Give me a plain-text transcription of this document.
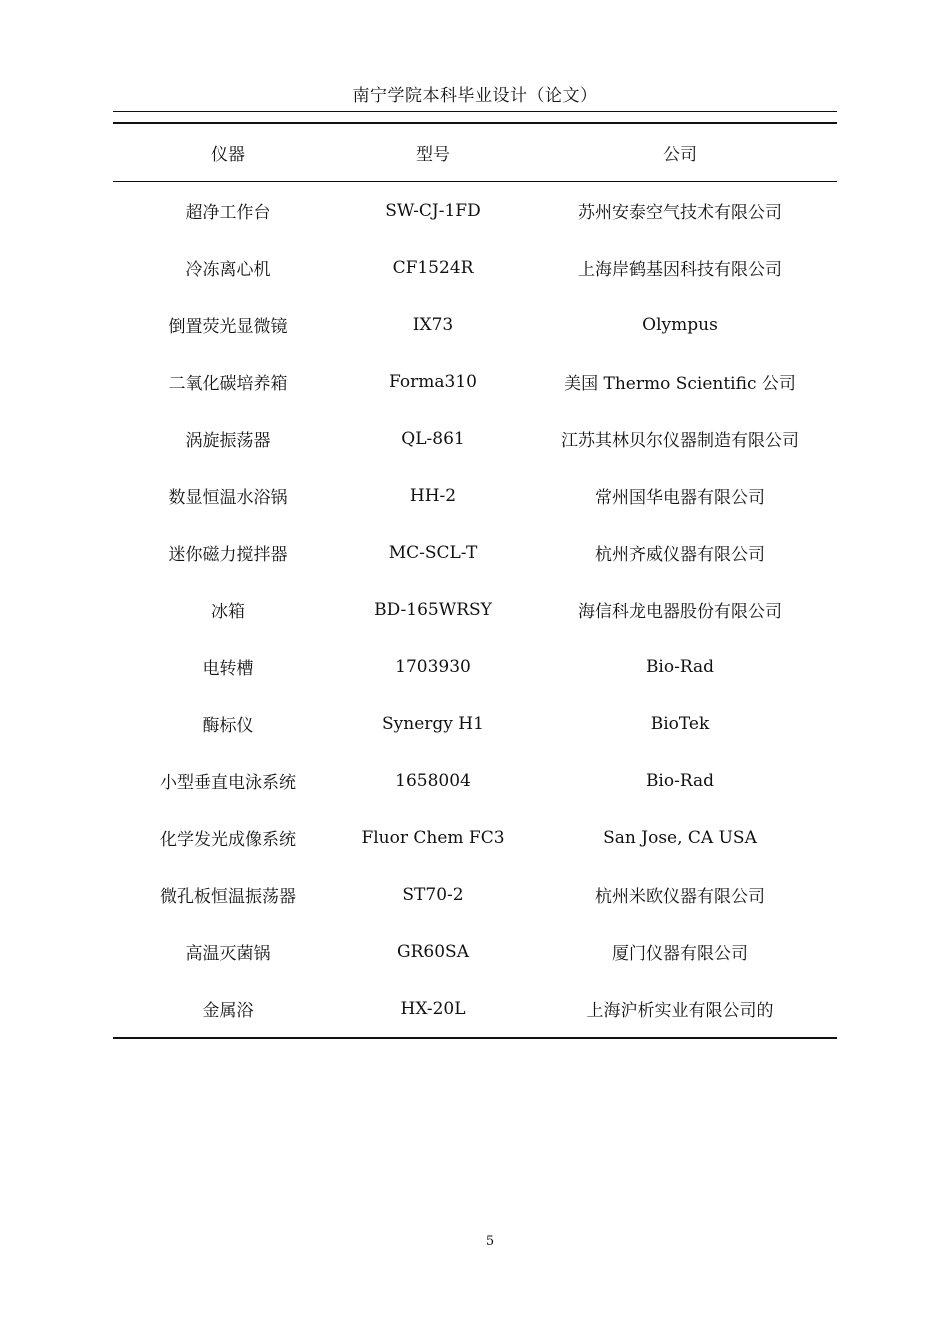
南宁学院本科毕业设计（论文）
仪器	型号	公司
超净工作台	SW-CJ-1FD	苏州安泰空气技术有限公司
冷冻离心机	CF1524R	上海岸鹤基因科技有限公司
倒置荧光显微镜	IX73	Olympus
二氧化碳培养箱	Forma310	美国 Thermo Scientific 公司
涡旋振荡器	QL-861	江苏其林贝尔仪器制造有限公司
数显恒温水浴锅	HH-2	常州国华电器有限公司
迷你磁力搅拌器	MC-SCL-T	杭州齐威仪器有限公司
冰箱	BD-165WRSY	海信科龙电器股份有限公司
电转槽	1703930	Bio-Rad
酶标仪	Synergy H1	BioTek
小型垂直电泳系统	1658004	Bio-Rad
化学发光成像系统	Fluor Chem FC3	San Jose, CA USA
微孔板恒温振荡器	ST70-2	杭州米欧仪器有限公司
高温灭菌锅	GR60SA	厦门仪器有限公司
金属浴	HX-20L	上海沪析实业有限公司的
5
